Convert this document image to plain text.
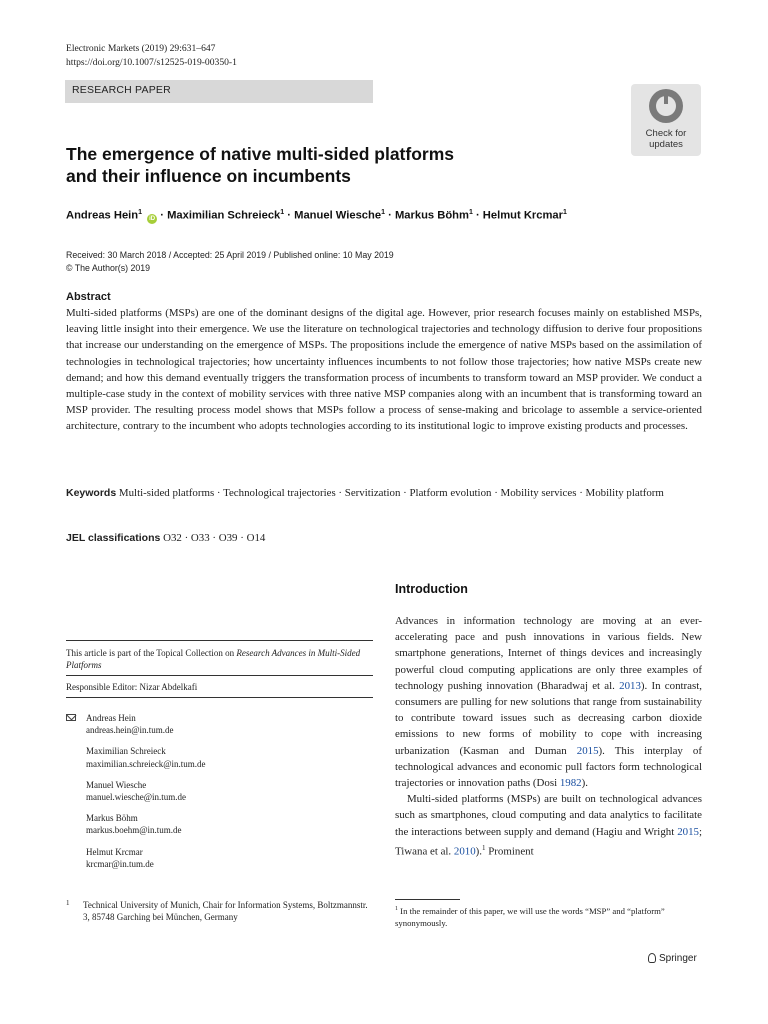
Electronic Markets (2019) 29:631–647
https://doi.org/10.1007/s12525-019-00350-1
RESEARCH PAPER
Check for
updates
The emergence of native multi-sided platforms
and their influence on incumbents
Andreas Hein$^1$ iD · Maximilian Schreieck$^1$ · Manuel Wiesche$^1$ · Markus Böhm$^1$ · Helmut Krcmar$^1$
Received: 30 March 2018 / Accepted: 25 April 2019 / Published online: 10 May 2019
© The Author(s) 2019
Abstract
Multi-sided platforms (MSPs) are one of the dominant designs of the digital age. However, prior research focuses mainly on established MSPs, leaving little insight into their emergence. We use the literature on technological trajectories and technology diffusion to derive four propositions that increase our understanding on the emergence of MSPs. The propositions include the emergence of native MSPs based on the assimilation of technologies in technological trajectories; how uncertainty influences incumbents to not follow those trajectories; how native MSPs create new demand; and how this demand eventually triggers the transformation process of incumbents to transform toward an MSP provider. We conduct a multiple-case study in the context of mobility services with three native MSP companies along with an incumbent that is transforming toward an MSP provider. The resulting process model shows that MSPs follow a process of sense-making and bricolage to assemble a service-oriented architecture, contrary to the incumbent who adopts technologies according to its institutional logic to improve existing products and processes.
Keywords Multi-sided platforms · Technological trajectories · Servitization · Platform evolution · Mobility services · Mobility platform
JEL classifications O32 · O33 · O39 · O14
Introduction

Advances in information technology are moving at an ever-accelerating pace and push innovations in various fields. New smartphone generations, Internet of things devices and increasingly powerful cloud computing applications are only three examples of technology pushing innovation (Bharadwaj et al. 2013). In contrast, consumers are pulling for new solutions that range from sustainability to contribute toward issues such as decreasing carbon dioxide emissions to new forms of mobility to cope with increasing urbanization (Kasman and Duman 2015). This interplay of technological advances and economic pull factors form technological trajectories or innovation paths (Dosi 1982).

Multi-sided platforms (MSPs) are built on technological advances such as smartphones, cloud computing and data analytics to facilitate the interactions between supply and demand (Hagiu and Wright 2015; Tiwana et al. 2010).$^1$ Prominent

This article is part of the Topical Collection on Research Advances in Multi-Sided Platforms
Responsible Editor: Nizar Abdelkafi
Andreas Hein
andreas.hein@in.tum.de
Maximilian Schreieck
maximilian.schreieck@in.tum.de
Manuel Wiesche
manuel.wiesche@in.tum.de
Markus Böhm
markus.boehm@in.tum.de
Helmut Krcmar
krcmar@in.tum.de
1	Technical University of Munich, Chair for Information Systems, Boltzmannstr. 3, 85748 Garching bei München, Germany
$^1$ In the remainder of this paper, we will use the words “MSP” and “platform” synonymously.
Springer
